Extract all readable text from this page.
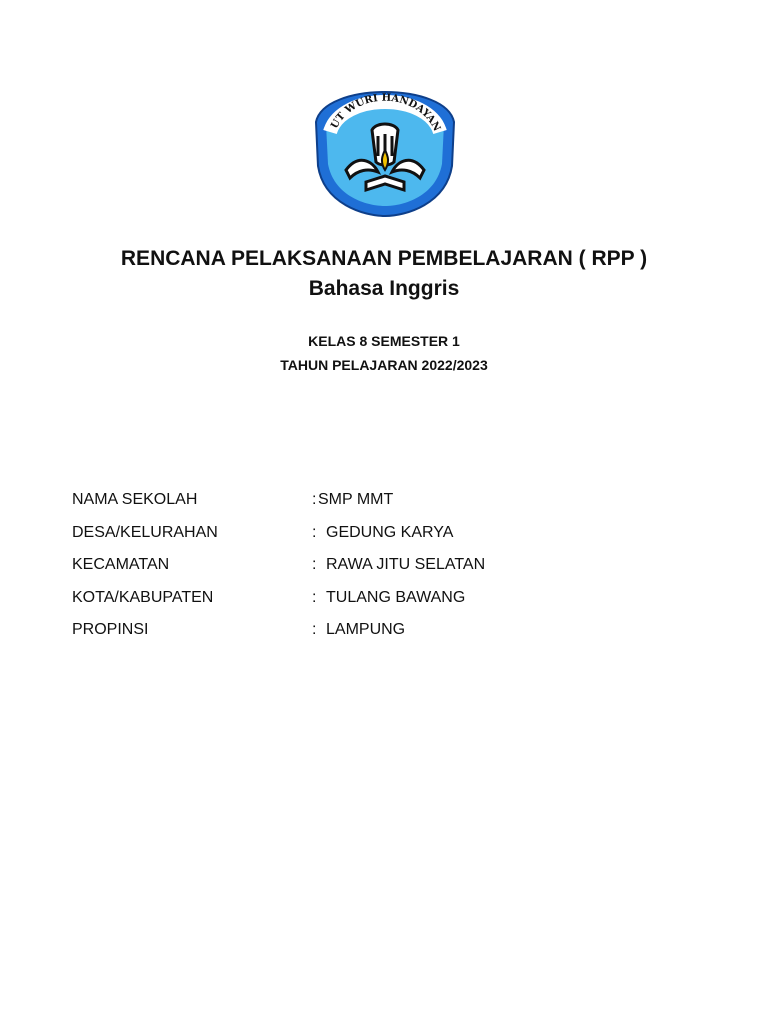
UT WURI HANDAYAN
RENCANA PELAKSANAAN PEMBELAJARAN ( RPP )
Bahasa Inggris

KELAS 8 SEMESTER 1

TAHUN PELAJARAN 2022/2023

NAMA SEKOLAH	: SMP MMT
DESA/KELURAHAN	: GEDUNG KARYA
KECAMATAN	: RAWA JITU SELATAN
KOTA/KABUPATEN	: TULANG BAWANG
PROPINSI	: LAMPUNG
